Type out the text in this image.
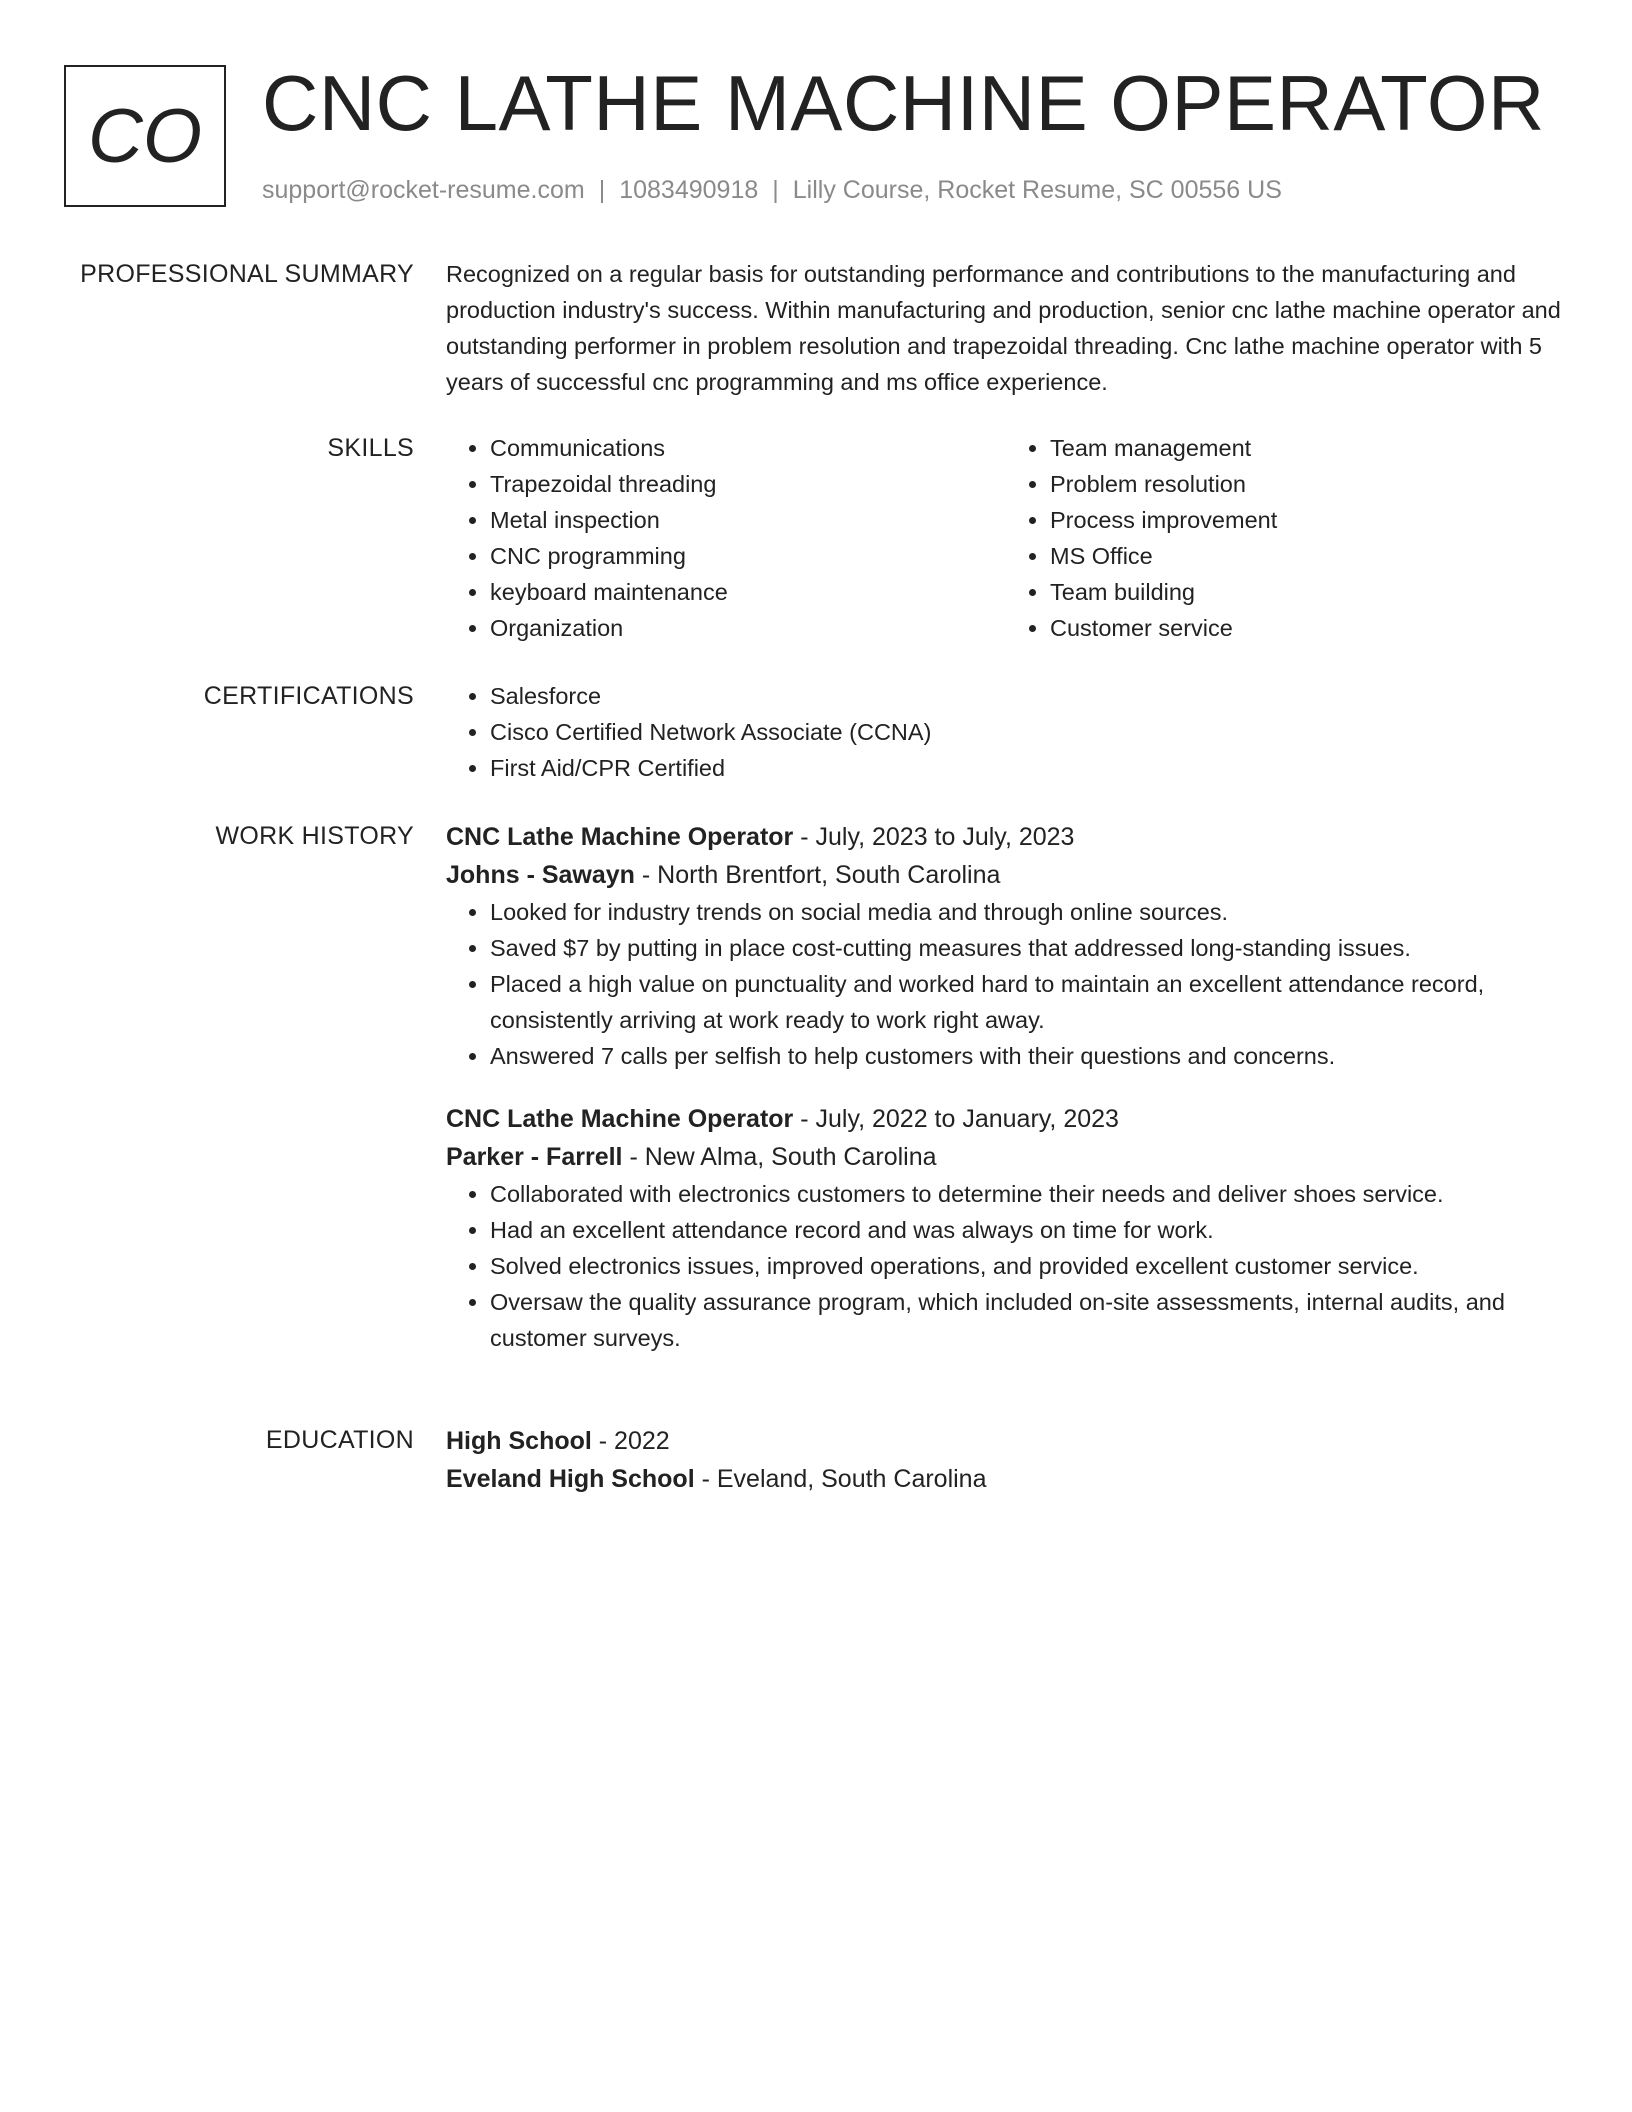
CO CNC LATHE MACHINE OPERATOR
support@rocket-resume.com | 1083490918 | Lilly Course, Rocket Resume, SC 00556 US
PROFESSIONAL SUMMARY Recognized on a regular basis for outstanding performance and contributions to the manufacturing and production industry's success. Within manufacturing and production, senior cnc lathe machine operator and outstanding performer in problem resolution and trapezoidal threading. Cnc lathe machine operator with 5 years of successful cnc programming and ms office experience.

SKILLS	• Communications
• Trapezoidal threading
• Metal inspection
• CNC programming
• keyboard maintenance
• Organization
• Team management
• Problem resolution
• Process improvement
• MS Office
• Team building
• Customer service
CERTIFICATIONS	• Salesforce
• Cisco Certified Network Associate (CCNA)
• First Aid/CPR Certified
WORK HISTORY CNC Lathe Machine Operator - July, 2023 to July, 2023
Johns - Sawayn - North Brentfort, South Carolina
• Looked for industry trends on social media and through online sources.
• Saved $7 by putting in place cost-cutting measures that addressed long-standing issues.
• Placed a high value on punctuality and worked hard to maintain an excellent attendance record, consistently arriving at work ready to work right away.
• Answered 7 calls per selfish to help customers with their questions and concerns.
CNC Lathe Machine Operator - July, 2022 to January, 2023
Parker - Farrell - New Alma, South Carolina
• Collaborated with electronics customers to determine their needs and deliver shoes service.
• Had an excellent attendance record and was always on time for work.
• Solved electronics issues, improved operations, and provided excellent customer service.
• Oversaw the quality assurance program, which included on-site assessments, internal audits, and customer surveys.
EDUCATION High School - 2022
Eveland High School - Eveland, South Carolina
